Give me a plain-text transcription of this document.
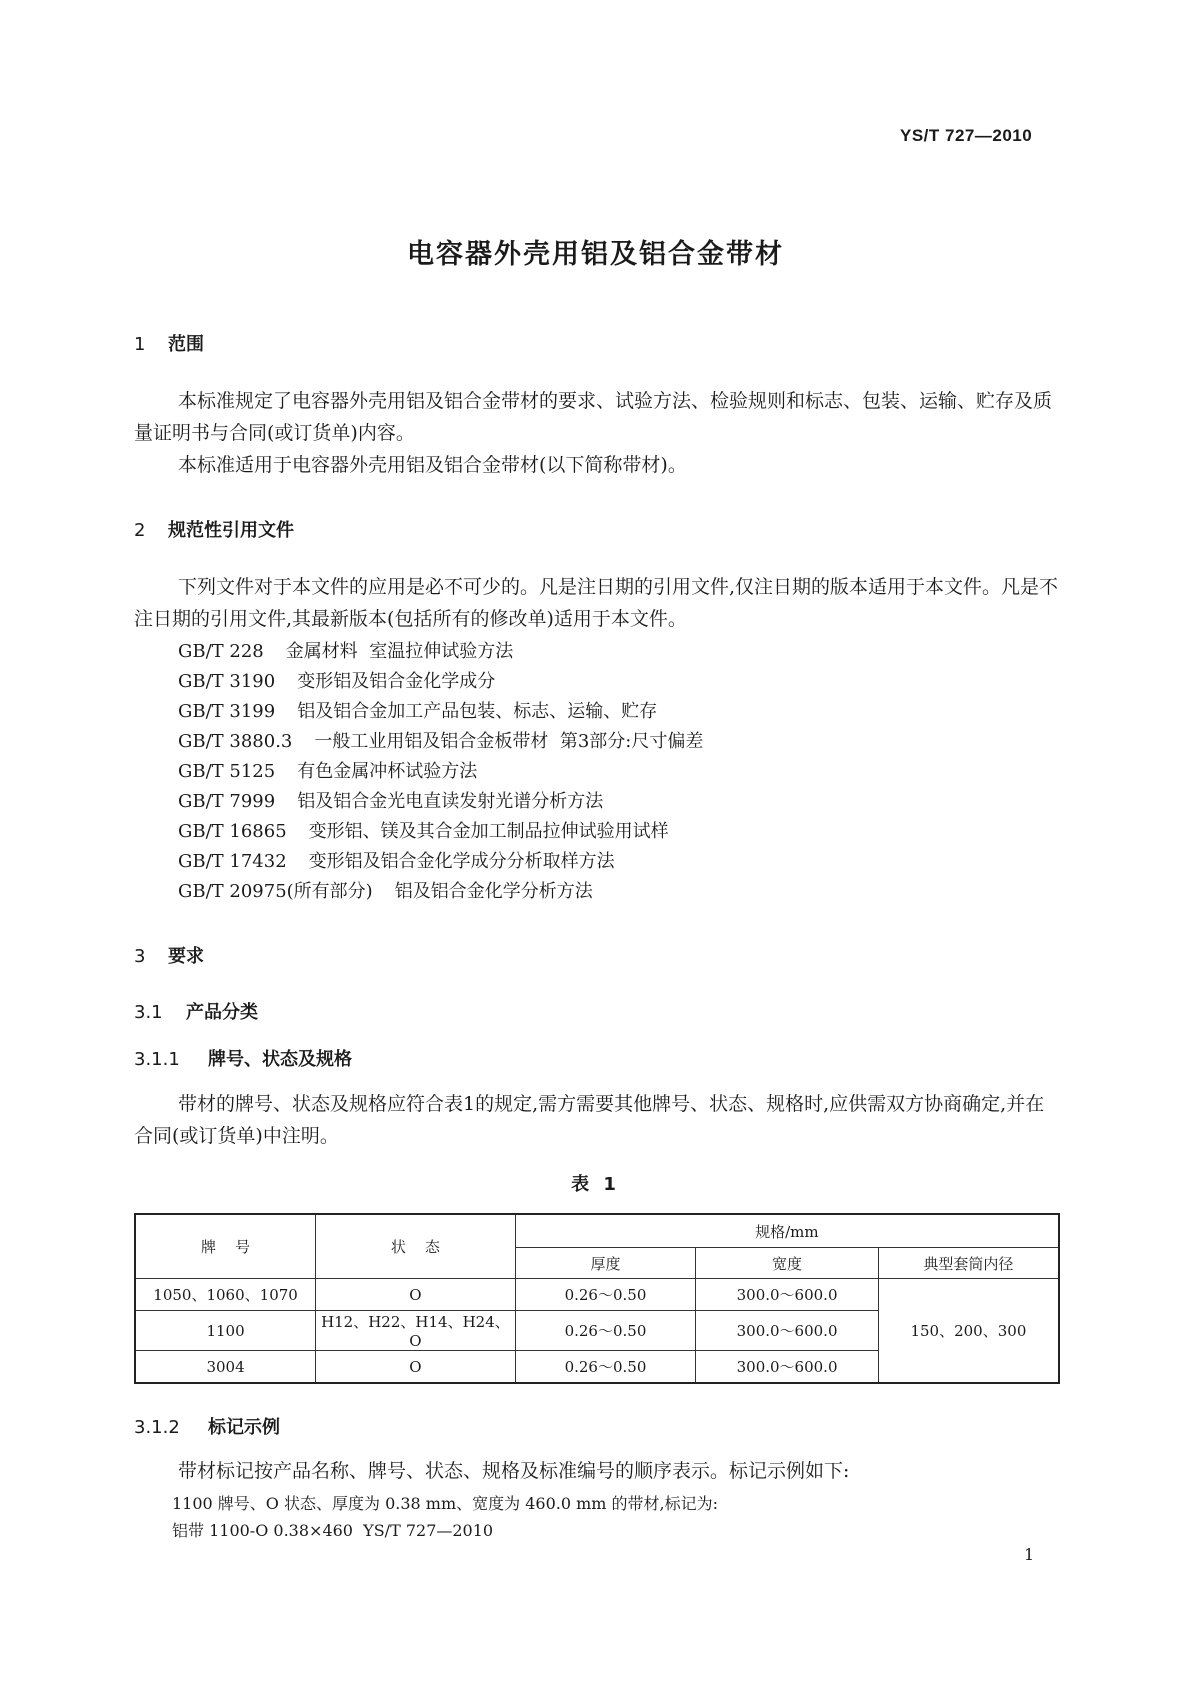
YS/T 727—2010
电容器外壳用铝及铝合金带材
1 范围
本标准规定了电容器外壳用铝及铝合金带材的要求、试验方法、检验规则和标志、包装、运输、贮存及质量证明书与合同(或订货单)内容。
本标准适用于电容器外壳用铝及铝合金带材(以下简称带材)。
2 规范性引用文件
下列文件对于本文件的应用是必不可少的。凡是注日期的引用文件,仅注日期的版本适用于本文件。凡是不注日期的引用文件,其最新版本(包括所有的修改单)适用于本文件。
GB/T 228 金属材料  室温拉伸试验方法
GB/T 3190 变形铝及铝合金化学成分
GB/T 3199 铝及铝合金加工产品包装、标志、运输、贮存
GB/T 3880.3 一般工业用铝及铝合金板带材  第3部分:尺寸偏差
GB/T 5125 有色金属冲杯试验方法
GB/T 7999 铝及铝合金光电直读发射光谱分析方法
GB/T 16865 变形铝、镁及其合金加工制品拉伸试验用试样
GB/T 17432 变形铝及铝合金化学成分分析取样方法
GB/T 20975(所有部分) 铝及铝合金化学分析方法
3 要求
3.1 产品分类
3.1.1 牌号、状态及规格
带材的牌号、状态及规格应符合表1的规定,需方需要其他牌号、状态、规格时,应供需双方协商确定,并在合同(或订货单)中注明。
表 1
牌    号	状    态	规格/mm		
		厚度	宽度	典型套筒内径
1050、1060、1070	O	0.26～0.50	300.0～600.0	150、200、300
1100	H12、H22、H14、H24、O	0.26～0.50	300.0～600.0	
3004	O	0.26～0.50	300.0～600.0	
3.1.2 标记示例
带材标记按产品名称、牌号、状态、规格及标准编号的顺序表示。标记示例如下:
1100 牌号、O 状态、厚度为 0.38 mm、宽度为 460.0 mm 的带材,标记为:
铝带 1100-O 0.38×460  YS/T 727—2010
1
